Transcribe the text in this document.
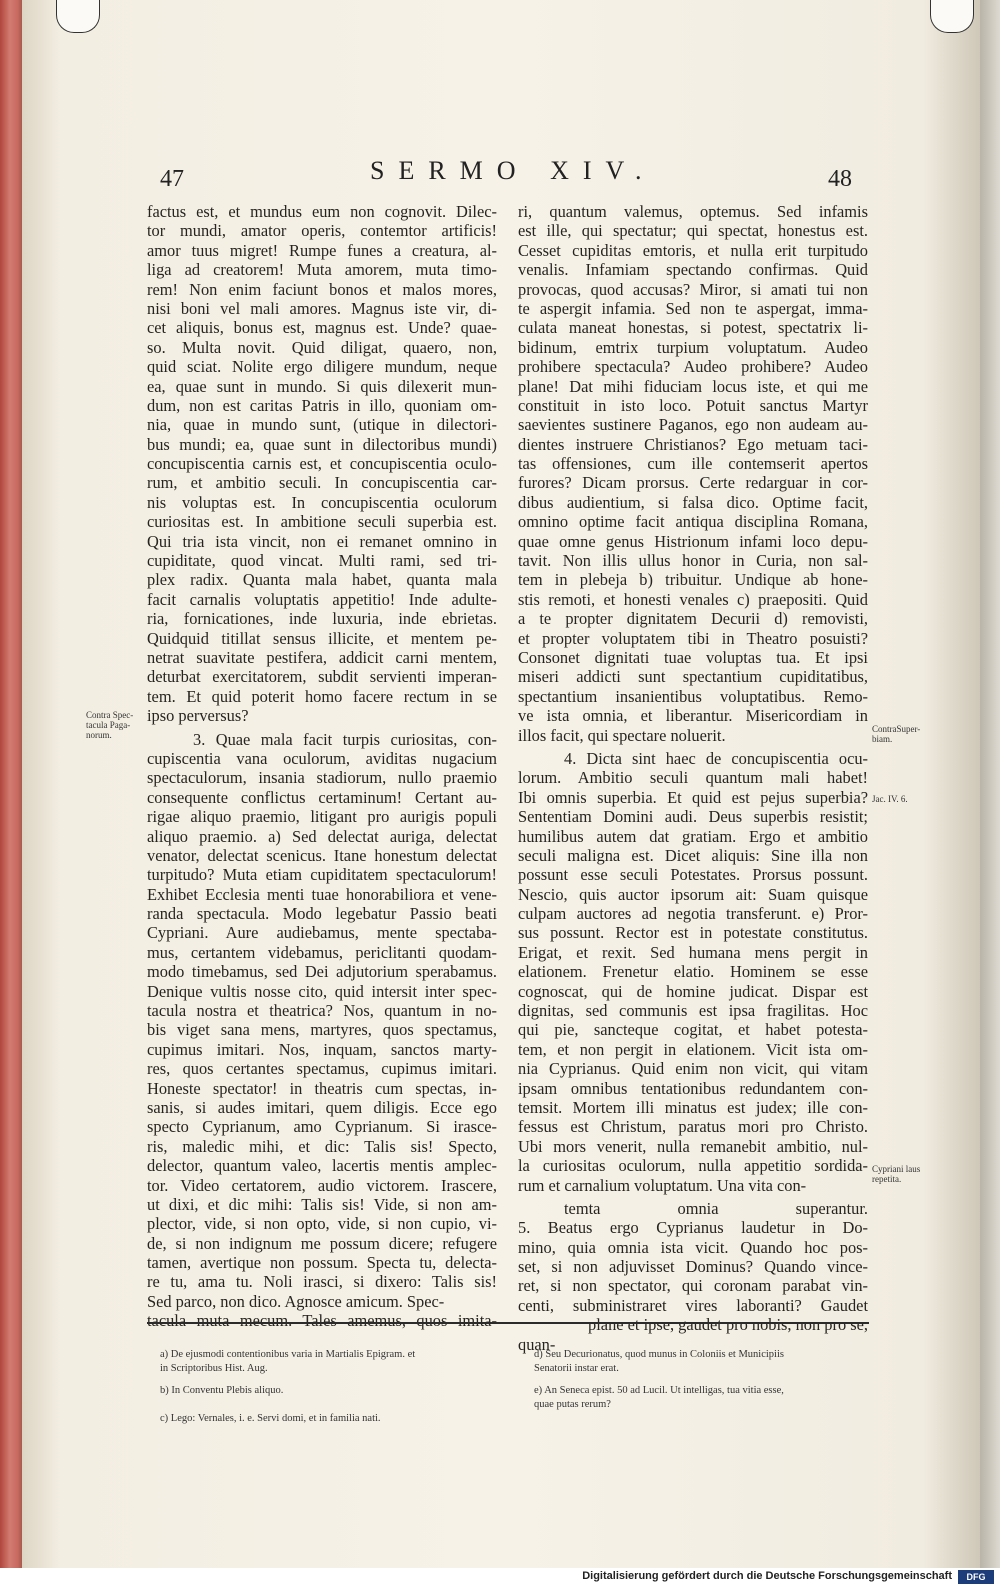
47	SERMO XIV.	48
factus est, et mundus eum non cognovit. Dilec-
tor mundi, amator operis, contemtor artificis!
amor tuus migret! Rumpe funes a creatura, al-
liga ad creatorem! Muta amorem, muta timo-
rem! Non enim faciunt bonos et malos mores,
nisi boni vel mali amores. Magnus iste vir, di-
cet aliquis, bonus est, magnus est. Unde? quae-
so. Multa novit. Quid diligat, quaero, non,
quid sciat. Nolite ergo diligere mundum, neque
ea, quae sunt in mundo. Si quis dilexerit mun-
dum, non est caritas Patris in illo, quoniam om-
nia, quae in mundo sunt, (utique in dilectori-
bus mundi; ea, quae sunt in dilectoribus mundi)
concupiscentia carnis est, et concupiscentia oculo-
rum, et ambitio seculi. In concupiscentia car-
nis voluptas est. In concupiscentia oculorum
curiositas est. In ambitione seculi superbia est.
Qui tria ista vincit, non ei remanet omnino in
cupiditate, quod vincat. Multi rami, sed tri-
plex radix. Quanta mala habet, quanta mala
facit carnalis voluptatis appetitio! Inde adulte-
ria, fornicationes, inde luxuria, inde ebrietas.
Quidquid titillat sensus illicite, et mentem pe-
netrat suavitate pestifera, addicit carni mentem,
deturbat exercitatorem, subdit servienti imperan-
tem. Et quid poterit homo facere rectum in se
ipso perversus?
3. Quae mala facit turpis curiositas, con-
cupiscentia vana oculorum, aviditas nugacium
spectaculorum, insania stadiorum, nullo praemio
consequente conflictus certaminum! Certant au-
rigae aliquo praemio, litigant pro aurigis populi
aliquo praemio. a) Sed delectat auriga, delectat
venator, delectat scenicus. Itane honestum delectat
turpitudo? Muta etiam cupiditatem spectaculorum!
Exhibet Ecclesia menti tuae honorabiliora et vene-
randa spectacula. Modo legebatur Passio beati
Cypriani. Aure audiebamus, mente spectaba-
mus, certantem videbamus, periclitanti quodam-
modo timebamus, sed Dei adjutorium sperabamus.
Denique vultis nosse cito, quid intersit inter spec-
tacula nostra et theatrica? Nos, quantum in no-
bis viget sana mens, martyres, quos spectamus,
cupimus imitari. Nos, inquam, sanctos marty-
res, quos certantes spectamus, cupimus imitari.
Honeste spectator! in theatris cum spectas, in-
sanis, si audes imitari, quem diligis. Ecce ego
specto Cyprianum, amo Cyprianum. Si irasce-
ris, maledic mihi, et dic: Talis sis! Specto,
delector, quantum valeo, lacertis mentis amplec-
tor. Video certatorem, audio victorem. Irascere,
ut dixi, et dic mihi: Talis sis! Vide, si non am-
plector, vide, si non opto, vide, si non cupio, vi-
de, si non indignum me possum dicere; refugere
tamen, avertique non possum. Specta tu, delecta-
re tu, ama tu. Noli irasci, si dixero: Talis sis!
Sed parco, non dico. Agnosce amicum. Spec-
tacula muta mecum. Tales amemus, quos imita-
ri, quantum valemus, optemus. Sed infamis
est ille, qui spectatur; qui spectat, honestus est.
Cesset cupiditas emtoris, et nulla erit turpitudo
venalis. Infamiam spectando confirmas. Quid
provocas, quod accusas? Miror, si amati tui non
te aspergit infamia. Sed non te aspergat, imma-
culata maneat honestas, si potest, spectatrix li-
bidinum, emtrix turpium voluptatum. Audeo
prohibere spectacula? Audeo prohibere? Audeo
plane! Dat mihi fiduciam locus iste, et qui me
constituit in isto loco. Potuit sanctus Martyr
saevientes sustinere Paganos, ego non audeam au-
dientes instruere Christianos? Ego metuam taci-
tas offensiones, cum ille contemserit apertos
furores? Dicam prorsus. Certe redarguar in cor-
dibus audientium, si falsa dico. Optime facit,
omnino optime facit antiqua disciplina Romana,
quae omne genus Histrionum infami loco depu-
tavit. Non illis ullus honor in Curia, non sal-
tem in plebeja b) tribuitur. Undique ab hone-
stis remoti, et honesti venales c) praepositi. Quid
a te propter dignitatem Decurii d) removisti,
et propter voluptatem tibi in Theatro posuisti?
Consonet dignitati tuae voluptas tua. Et ipsi
miseri addicti sunt spectantium cupiditatibus,
spectantium insanientibus voluptatibus. Remo-
ve ista omnia, et liberantur. Misericordiam in
illos facit, qui spectare noluerit.
4. Dicta sint haec de concupiscentia ocu-
lorum. Ambitio seculi quantum mali habet!
Ibi omnis superbia. Et quid est pejus superbia?
Sententiam Domini audi. Deus superbis resistit;
humilibus autem dat gratiam. Ergo et ambitio
seculi maligna est. Dicet aliquis: Sine illa non
possunt esse seculi Potestates. Prorsus possunt.
Nescio, quis auctor ipsorum ait: Suam quisque
culpam auctores ad negotia transferunt. e) Pror-
sus possunt. Rector est in potestate constitutus.
Erigat, et rexit. Sed humana mens pergit in
elationem. Frenetur elatio. Hominem se esse
cognoscat, qui de homine judicat. Dispar est
dignitas, sed communis est ipsa fragilitas. Hoc
qui pie, sancteque cogitat, et habet potesta-
tem, et non pergit in elationem. Vicit ista om-
nia Cyprianus. Quid enim non vicit, qui vitam
ipsam omnibus tentationibus redundantem con-
temsit. Mortem illi minatus est judex; ille con-
fessus est Christum, paratus mori pro Christo.
Ubi mors venerit, nulla remanebit ambitio, nul-
la curiositas oculorum, nulla appetitio sordida-
rum et carnalium voluptatum. Una vita con-
temta omnia superantur.
5. Beatus ergo Cyprianus laudetur in Do-
mino, quia omnia ista vicit. Quando hoc pos-
set, si non adjuvisset Dominus? Quando vince-
ret, si non spectator, qui coronam parabat vin-
centi, subministraret vires laboranti? Gaudet
plane et ipse, gaudet pro nobis, non pro se,
quan-
Contra Spec-
tacula Paga-
norum.
ContraSuper-
biam.
Jac. IV. 6.
Cypriani laus
repetita.
a) De ejusmodi contentionibus varia in Martialis Epigram. et
in Scriptoribus Hist. Aug.
b) In Conventu Plebis aliquo.
c) Lego: Vernales, i. e. Servi domi, et in familia nati.
d) Seu Decurionatus, quod munus in Coloniis et Municipiis
Senatorii instar erat.
e) An Seneca epist. 50 ad Lucil. Ut intelligas, tua vitia esse,
quae putas rerum?
Digitalisierung gefördert durch die Deutsche Forschungsgemeinschaft	DFG
